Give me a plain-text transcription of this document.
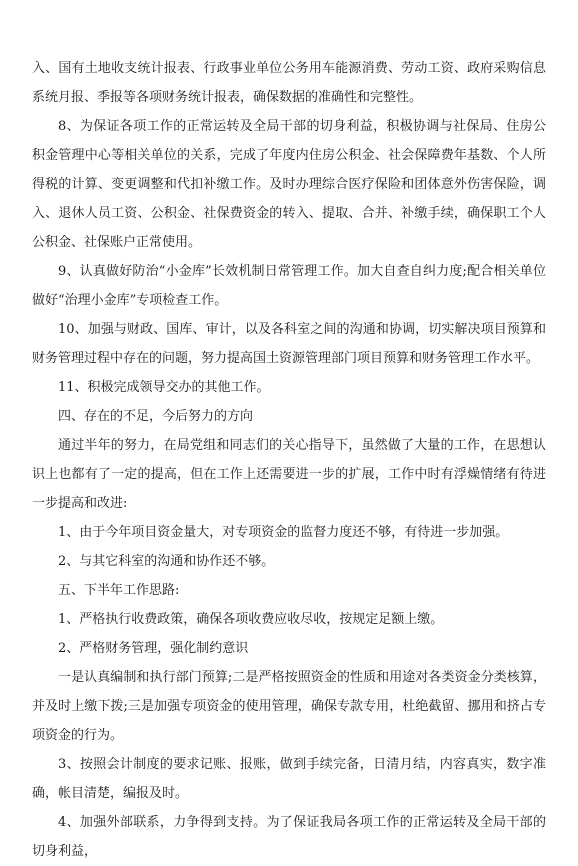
入、国有土地收支统计报表、行政事业单位公务用车能源消费、劳动工资、政府采购信息系统月报、季报等各项财务统计报表，确保数据的准确性和完整性。

8、为保证各项工作的正常运转及全局干部的切身利益，积极协调与社保局、住房公积金管理中心等相关单位的关系，完成了年度内住房公积金、社会保障费年基数、个人所得税的计算、变更调整和代扣补缴工作。及时办理综合医疗保险和团体意外伤害保险，调入、退休人员工资、公积金、社保费资金的转入、提取、合并、补缴手续，确保职工个人公积金、社保账户正常使用。

9、认真做好防治“小金库”长效机制日常管理工作。加大自查自纠力度;配合相关单位做好“治理小金库”专项检查工作。

10、加强与财政、国库、审计，以及各科室之间的沟通和协调，切实解决项目预算和财务管理过程中存在的问题，努力提高国土资源管理部门项目预算和财务管理工作水平。

11、积极完成领导交办的其他工作。

四、存在的不足，今后努力的方向

通过半年的努力，在局党组和同志们的关心指导下，虽然做了大量的工作，在思想认识上也都有了一定的提高，但在工作上还需要进一步的扩展，工作中时有浮燥情绪有待进一步提高和改进:

1、由于今年项目资金量大，对专项资金的监督力度还不够，有待进一步加强。

2、与其它科室的沟通和协作还不够。

五、下半年工作思路:

1、严格执行收费政策，确保各项收费应收尽收，按规定足额上缴。

2、严格财务管理，强化制约意识

一是认真编制和执行部门预算;二是严格按照资金的性质和用途对各类资金分类核算，并及时上缴下拨;三是加强专项资金的使用管理，确保专款专用，杜绝截留、挪用和挤占专项资金的行为。

3、按照会计制度的要求记账、报账，做到手续完备，日清月结，内容真实，数字准确，帐目清楚，编报及时。

4、加强外部联系，力争得到支持。为了保证我局各项工作的正常运转及全局干部的切身利益，
